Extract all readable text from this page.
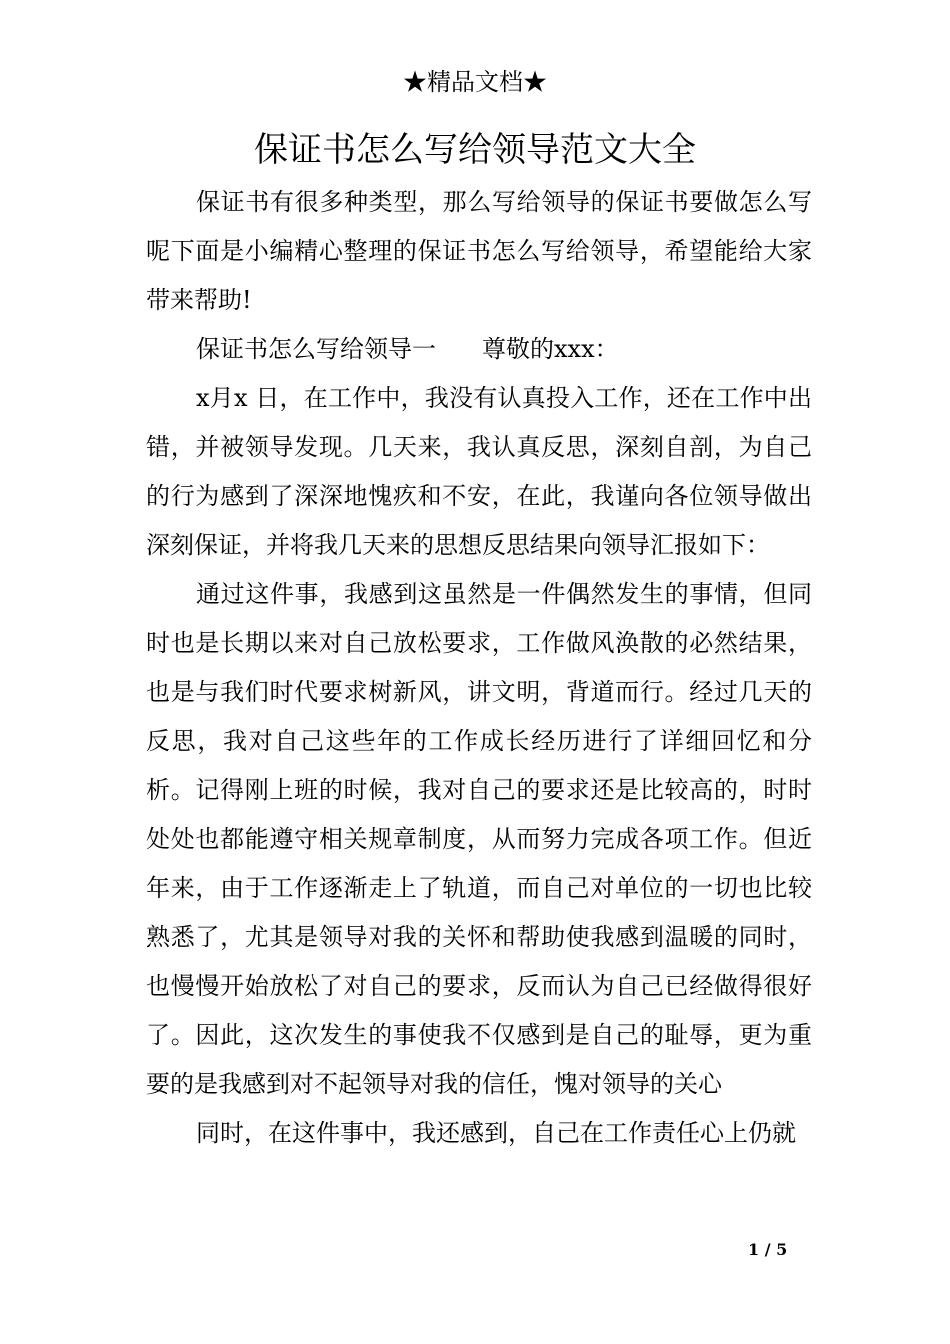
★精品文档★
保证书怎么写给领导范文大全

保证书有很多种类型，那么写给领导的保证书要做怎么写呢下面是小编精心整理的保证书怎么写给领导，希望能给大家带来帮助!

保证书怎么写给领导一 尊敬的xxx：

x月x 日，在工作中，我没有认真投入工作，还在工作中出错，并被领导发现。几天来，我认真反思，深刻自剖，为自己的行为感到了深深地愧疚和不安，在此，我谨向各位领导做出深刻保证，并将我几天来的思想反思结果向领导汇报如下：

通过这件事，我感到这虽然是一件偶然发生的事情，但同时也是长期以来对自己放松要求，工作做风涣散的必然结果，也是与我们时代要求树新风，讲文明，背道而行。经过几天的反思，我对自己这些年的工作成长经历进行了详细回忆和分析。记得刚上班的时候，我对自己的要求还是比较高的，时时处处也都能遵守相关规章制度，从而努力完成各项工作。但近年来，由于工作逐渐走上了轨道，而自己对单位的一切也比较熟悉了，尤其是领导对我的关怀和帮助使我感到温暖的同时，也慢慢开始放松了对自己的要求，反而认为自己已经做得很好了。因此，这次发生的事使我不仅感到是自己的耻辱，更为重要的是我感到对不起领导对我的信任，愧对领导的关心

同时，在这件事中，我还感到，自己在工作责任心上仍就

1 / 5
